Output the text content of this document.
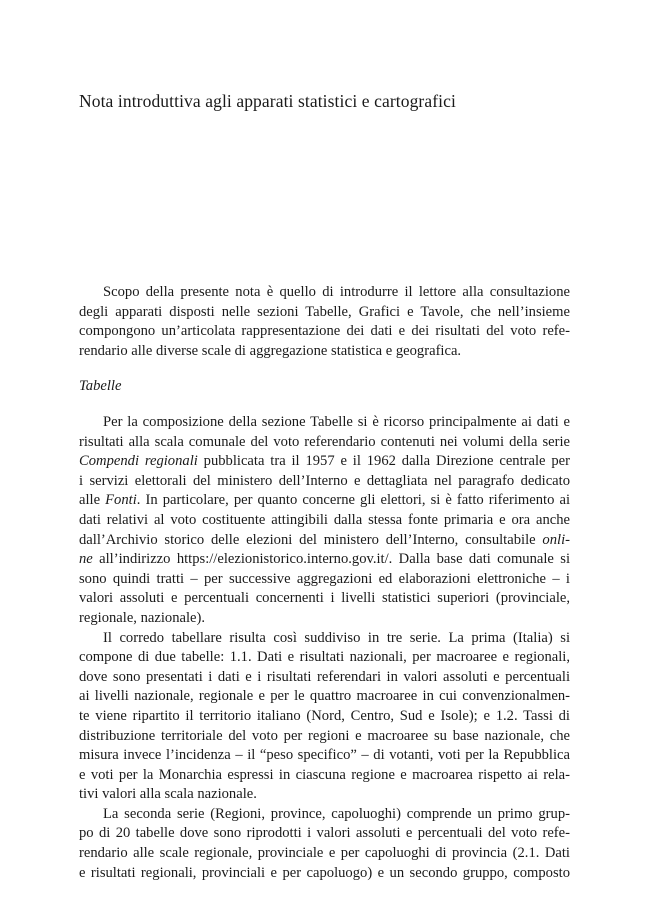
Nota introduttiva agli apparati statistici e cartografici
Scopo della presente nota è quello di introdurre il lettore alla consultazione
degli apparati disposti nelle sezioni Tabelle, Grafici e Tavole, che nell’insieme
compongono un’articolata rappresentazione dei dati e dei risultati del voto refe-
rendario alle diverse scale di aggregazione statistica e geografica.
Tabelle
Per la composizione della sezione Tabelle si è ricorso principalmente ai dati e
risultati alla scala comunale del voto referendario contenuti nei volumi della serie
Compendi regionali pubblicata tra il 1957 e il 1962 dalla Direzione centrale per
i servizi elettorali del ministero dell’Interno e dettagliata nel paragrafo dedicato
alle Fonti. In particolare, per quanto concerne gli elettori, si è fatto riferimento ai
dati relativi al voto costituente attingibili dalla stessa fonte primaria e ora anche
dall’Archivio storico delle elezioni del ministero dell’Interno, consultabile onli-
ne all’indirizzo https://elezionistorico.interno.gov.it/. Dalla base dati comunale si
sono quindi tratti – per successive aggregazioni ed elaborazioni elettroniche – i
valori assoluti e percentuali concernenti i livelli statistici superiori (provinciale,
regionale, nazionale).
Il corredo tabellare risulta così suddiviso in tre serie. La prima (Italia) si
compone di due tabelle: 1.1. Dati e risultati nazionali, per macroaree e regionali,
dove sono presentati i dati e i risultati referendari in valori assoluti e percentuali
ai livelli nazionale, regionale e per le quattro macroaree in cui convenzionalmen-
te viene ripartito il territorio italiano (Nord, Centro, Sud e Isole); e 1.2. Tassi di
distribuzione territoriale del voto per regioni e macroaree su base nazionale, che
misura invece l’incidenza – il “peso specifico” – di votanti, voti per la Repubblica
e voti per la Monarchia espressi in ciascuna regione e macroarea rispetto ai rela-
tivi valori alla scala nazionale.
La seconda serie (Regioni, province, capoluoghi) comprende un primo grup-
po di 20 tabelle dove sono riprodotti i valori assoluti e percentuali del voto refe-
rendario alle scale regionale, provinciale e per capoluoghi di provincia (2.1. Dati
e risultati regionali, provinciali e per capoluogo) e un secondo gruppo, composto
